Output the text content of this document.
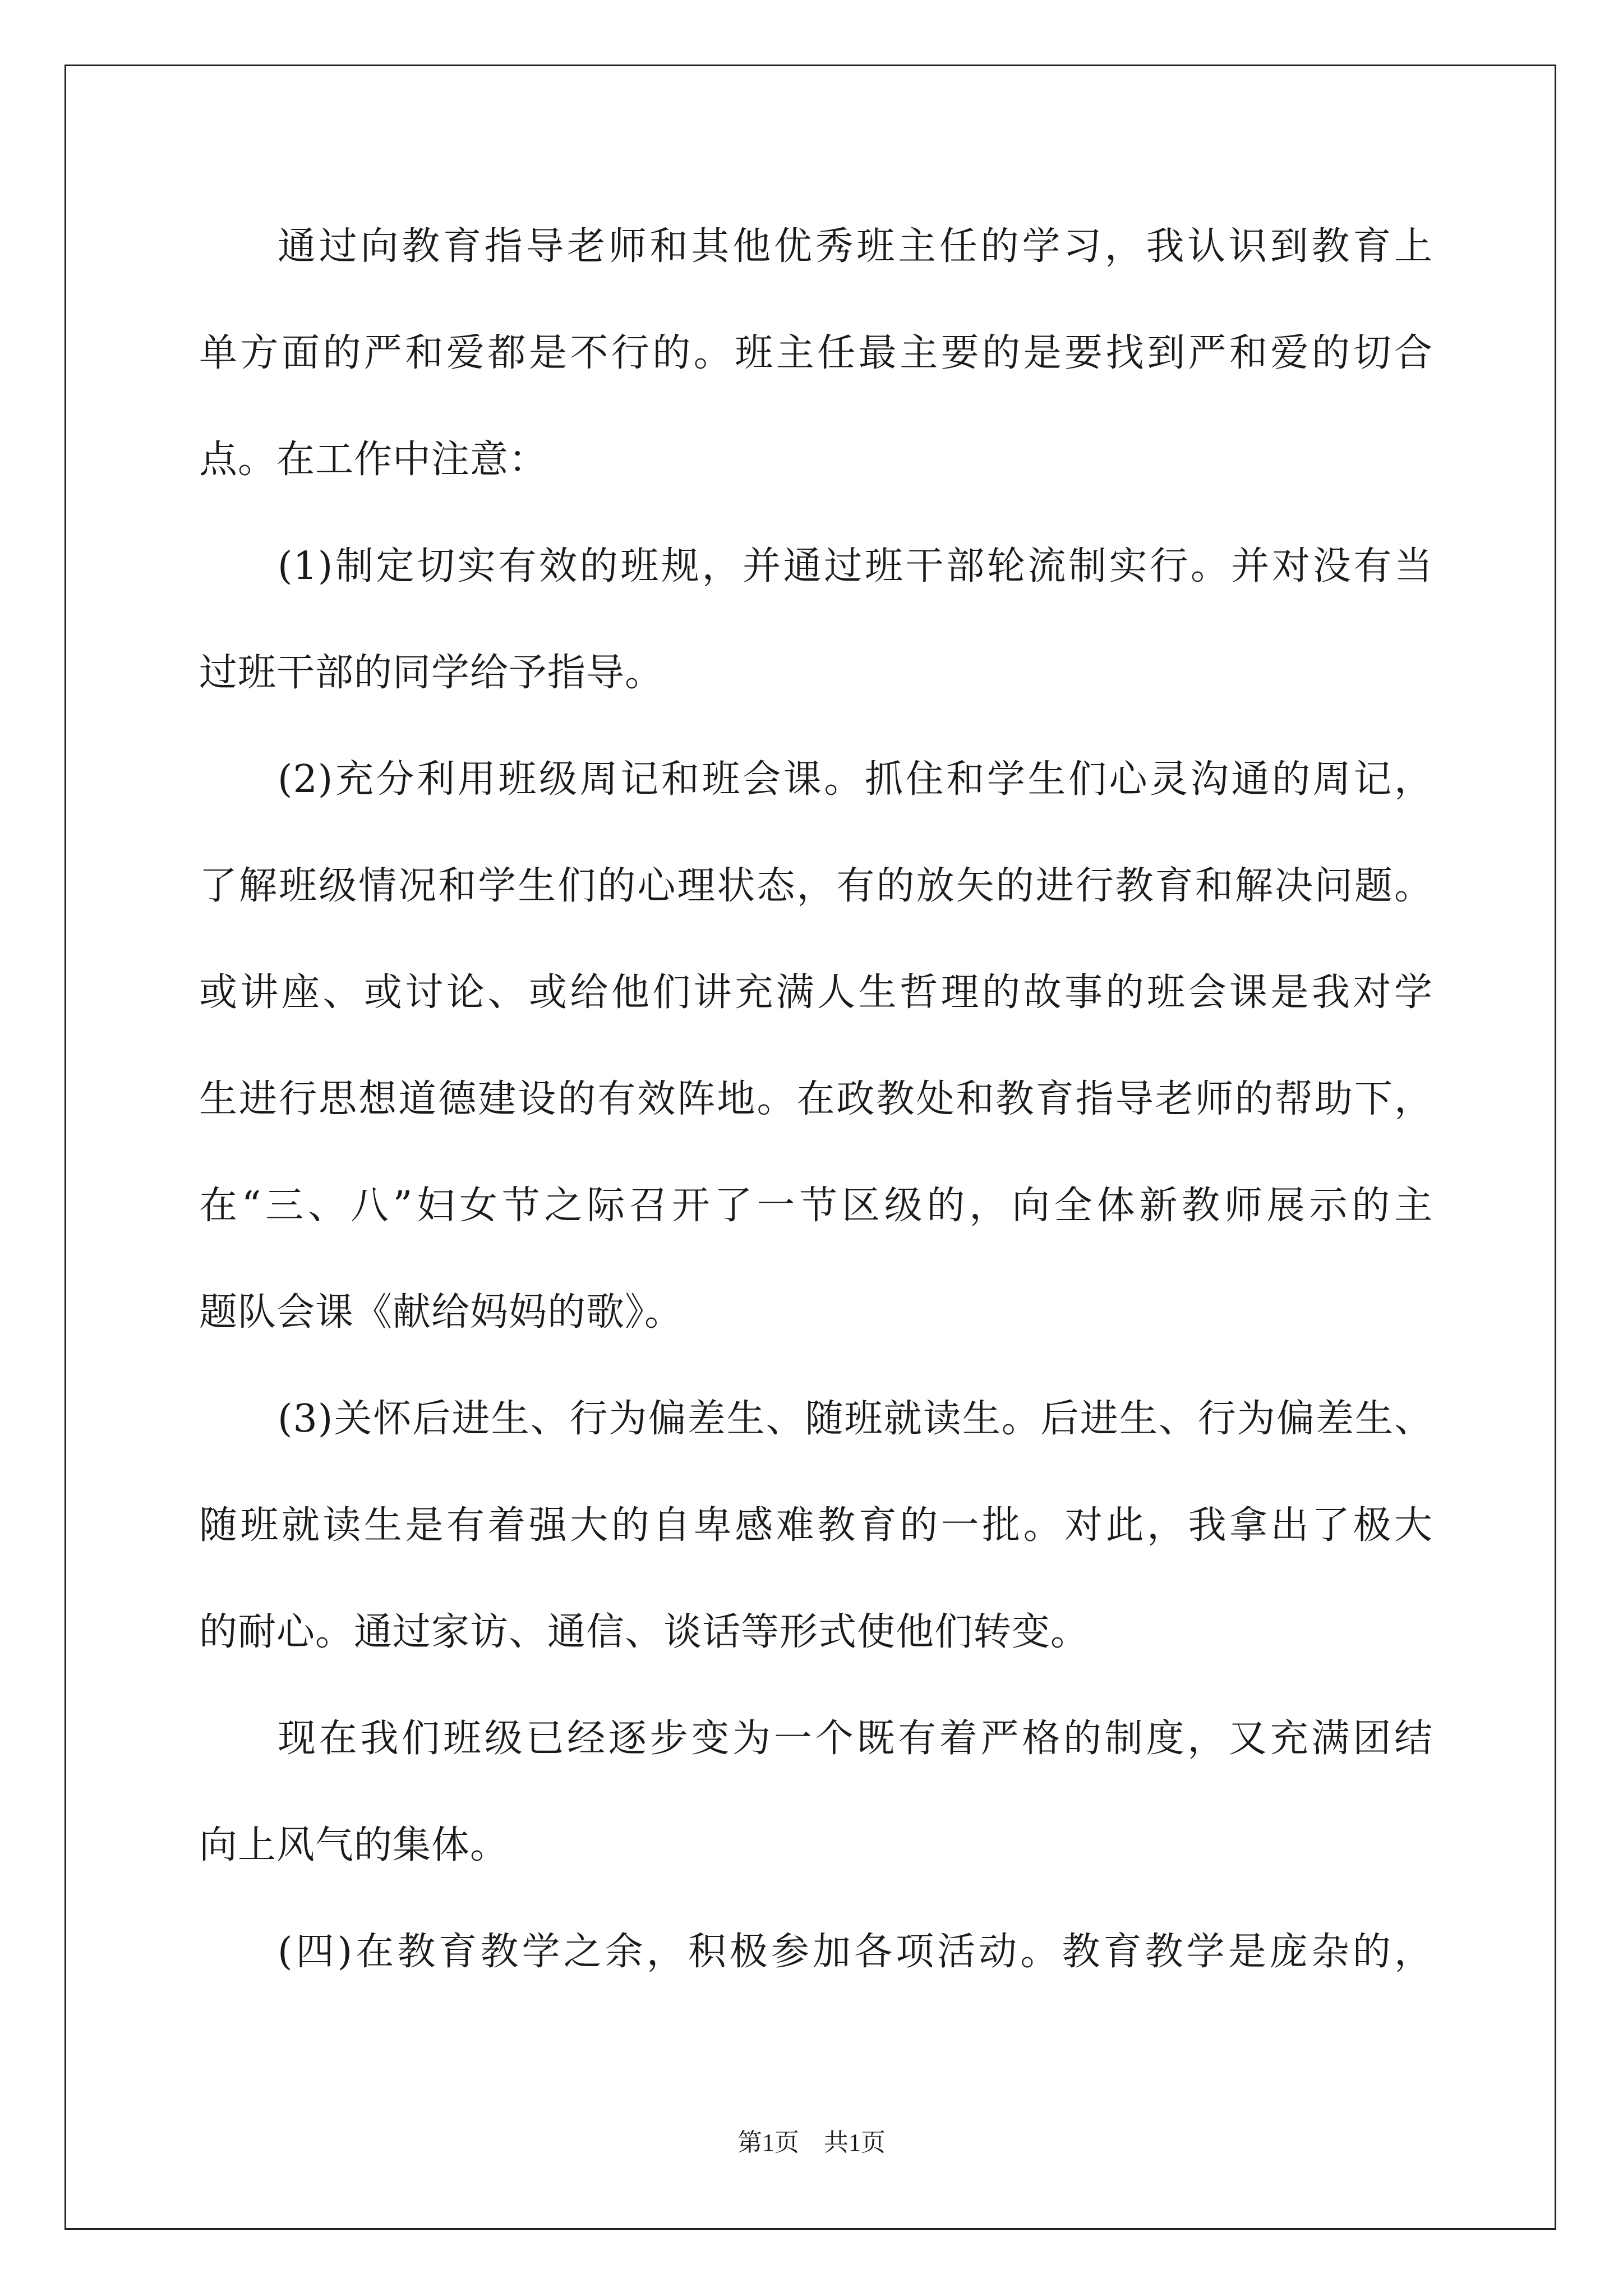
通过向教育指导老师和其他优秀班主任的学习，我认识到教育上
单方面的严和爱都是不行的。班主任最主要的是要找到严和爱的切合
点。在工作中注意：
(1)制定切实有效的班规，并通过班干部轮流制实行。并对没有当
过班干部的同学给予指导。
(2)充分利用班级周记和班会课。抓住和学生们心灵沟通的周记，
了解班级情况和学生们的心理状态，有的放矢的进行教育和解决问题。
或讲座、或讨论、或给他们讲充满人生哲理的故事的班会课是我对学
生进行思想道德建设的有效阵地。在政教处和教育指导老师的帮助下，
在“三、八”妇女节之际召开了一节区级的，向全体新教师展示的主
题队会课《献给妈妈的歌》。
(3)关怀后进生、行为偏差生、随班就读生。后进生、行为偏差生、
随班就读生是有着强大的自卑感难教育的一批。对此，我拿出了极大
的耐心。通过家访、通信、谈话等形式使他们转变。
现在我们班级已经逐步变为一个既有着严格的制度，又充满团结
向上风气的集体。
(四)在教育教学之余，积极参加各项活动。教育教学是庞杂的，
第1页　共1页
